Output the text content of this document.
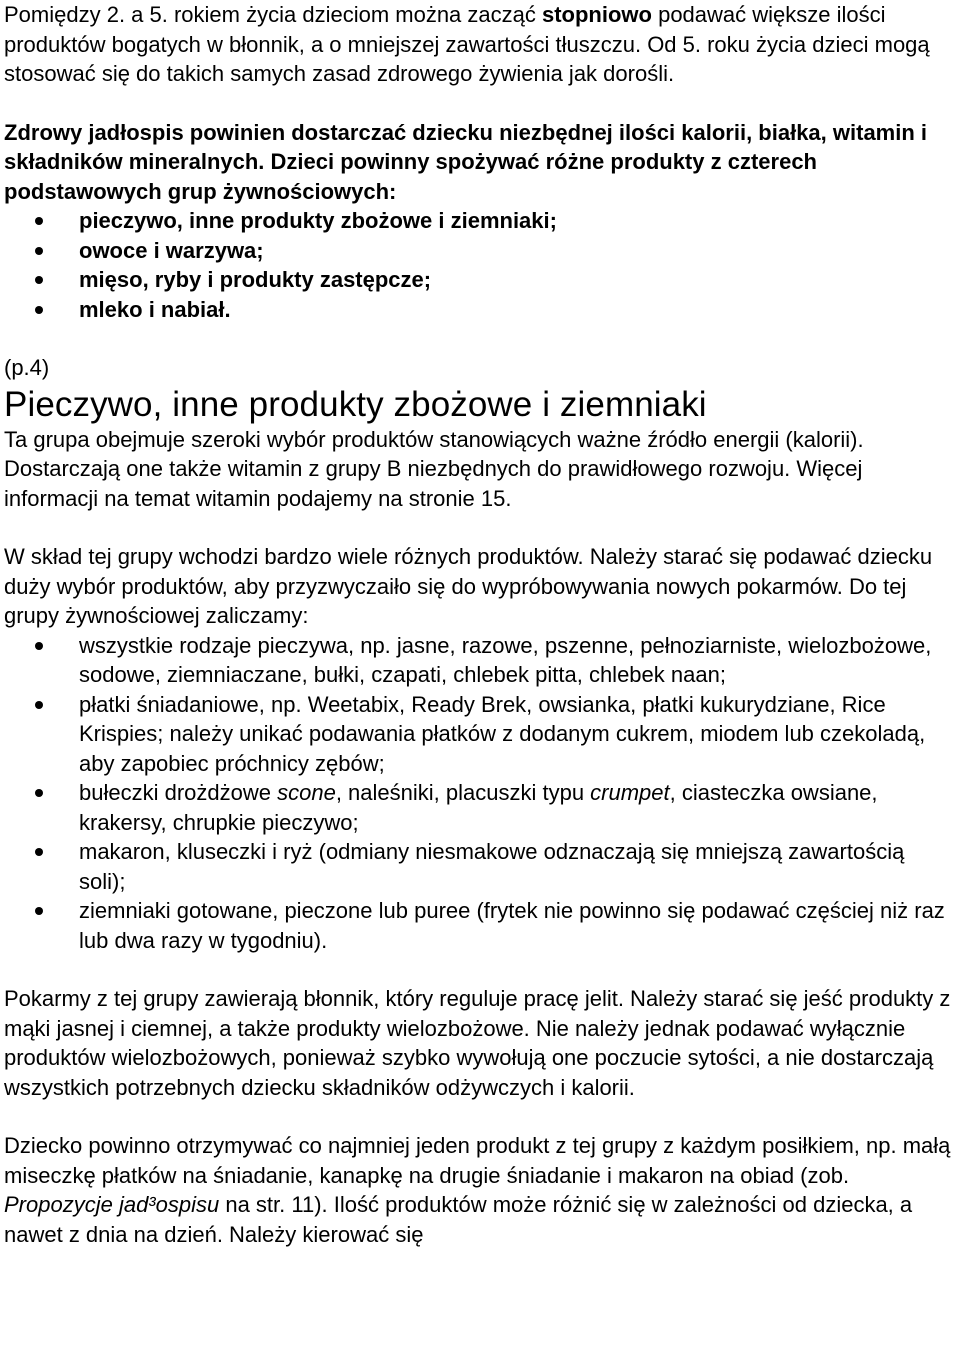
Pomiędzy 2. a 5. rokiem życia dzieciom można zacząć stopniowo podawać większe ilości produktów bogatych w błonnik, a o mniejszej zawartości tłuszczu. Od 5. roku życia dzieci mogą stosować się do takich samych zasad zdrowego żywienia jak dorośli.

Zdrowy jadłospis powinien dostarczać dziecku niezbędnej ilości kalorii, białka, witamin i składników mineralnych. Dzieci powinny spożywać różne produkty z czterech podstawowych grup żywnościowych:

pieczywo, inne produkty zbożowe i ziemniaki;
owoce i warzywa;
mięso, ryby i produkty zastępcze;
mleko i nabiał.

(p.4)

Pieczywo, inne produkty zbożowe i ziemniaki

Ta grupa obejmuje szeroki wybór produktów stanowiących ważne źródło energii (kalorii). Dostarczają one także witamin z grupy B niezbędnych do prawidłowego rozwoju. Więcej informacji na temat witamin podajemy na stronie 15.

W skład tej grupy wchodzi bardzo wiele różnych produktów. Należy starać się podawać dziecku duży wybór produktów, aby przyzwyczaiło się do wypróbowywania nowych pokarmów. Do tej grupy żywnościowej zaliczamy:

wszystkie rodzaje pieczywa, np. jasne, razowe, pszenne, pełnoziarniste, wielozbożowe, sodowe, ziemniaczane, bułki, czapati, chlebek pitta, chlebek naan;
płatki śniadaniowe, np. Weetabix, Ready Brek, owsianka, płatki kukurydziane, Rice Krispies; należy unikać podawania płatków z dodanym cukrem, miodem lub czekoladą, aby zapobiec próchnicy zębów;
bułeczki drożdżowe scone, naleśniki, placuszki typu crumpet, ciasteczka owsiane, krakersy, chrupkie pieczywo;
makaron, kluseczki i ryż (odmiany niesmakowe odznaczają się mniejszą zawartością soli);
ziemniaki gotowane, pieczone lub puree (frytek nie powinno się podawać częściej niż raz lub dwa razy w tygodniu).

Pokarmy z tej grupy zawierają błonnik, który reguluje pracę jelit. Należy starać się jeść produkty z mąki jasnej i ciemnej, a także produkty wielozbożowe. Nie należy jednak podawać wyłącznie produktów wielozbożowych, ponieważ szybko wywołują one poczucie sytości, a nie dostarczają wszystkich potrzebnych dziecku składników odżywczych i kalorii.

Dziecko powinno otrzymywać co najmniej jeden produkt z tej grupy z każdym posiłkiem, np. małą miseczkę płatków na śniadanie, kanapkę na drugie śniadanie i makaron na obiad (zob. Propozycje jad³ospisu na str. 11). Ilość produktów może różnić się w zależności od dziecka, a nawet z dnia na dzień. Należy kierować się
